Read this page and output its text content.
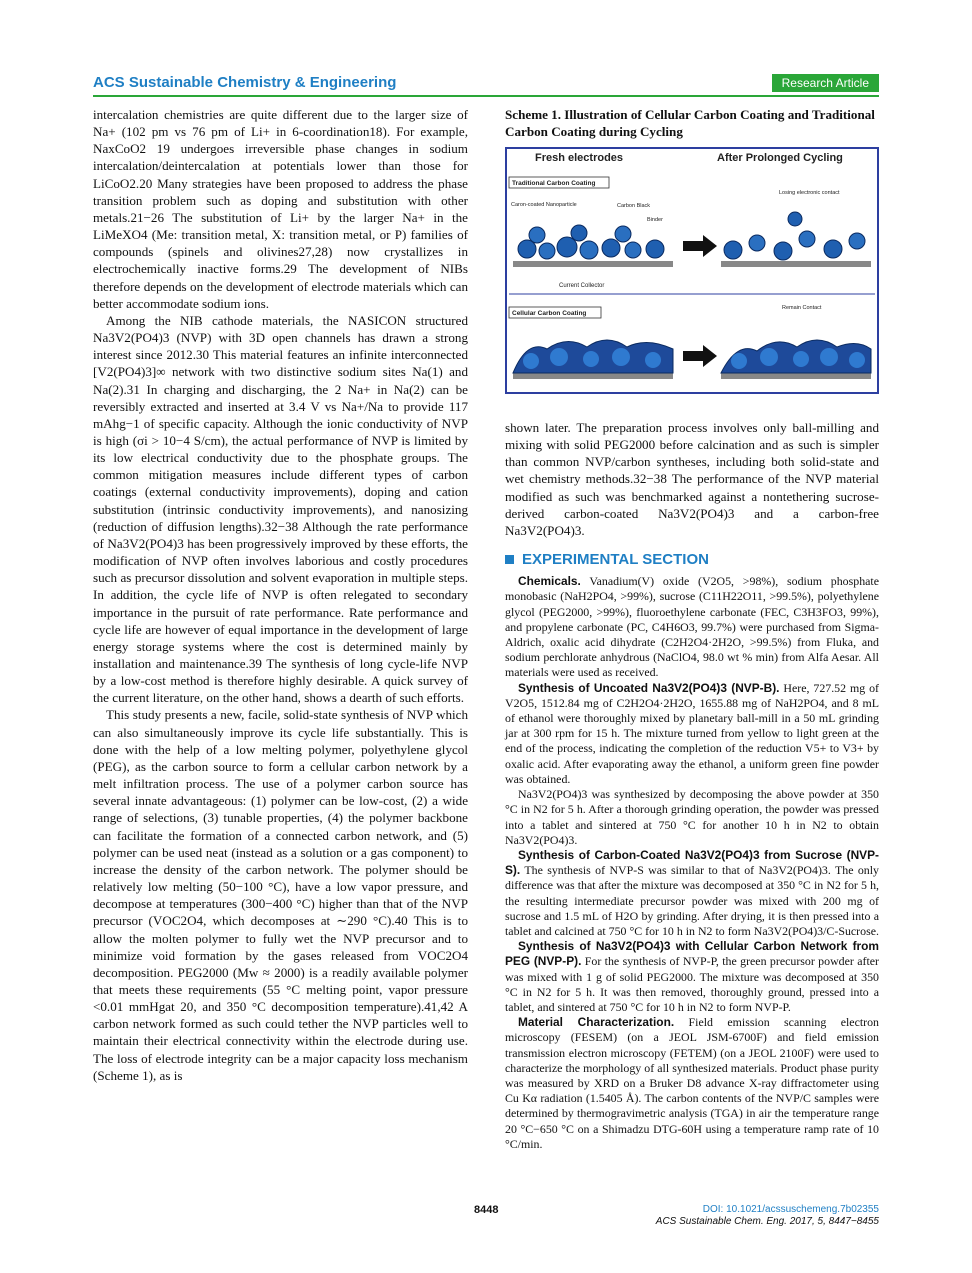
ACS Sustainable Chemistry & Engineering	Research Article

intercalation chemistries are quite different due to the larger size of Na+ (102 pm vs 76 pm of Li+ in 6-coordination18). For example, NaxCoO2 19 undergoes irreversible phase changes in sodium intercalation/deintercalation at potentials lower than those for LiCoO2.20 Many strategies have been proposed to address the phase transition problem such as doping and substitution with other metals.21−26 The substitution of Li+ by the larger Na+ in the LiMeXO4 (Me: transition metal, X: transition metal, or P) families of compounds (spinels and olivines27,28) now crystallizes in electrochemically inactive forms.29 The development of NIBs therefore depends on the development of electrode materials which can better accommodate sodium ions.

Among the NIB cathode materials, the NASICON structured Na3V2(PO4)3 (NVP) with 3D open channels has drawn a strong interest since 2012.30 This material features an infinite interconnected [V2(PO4)3]∞ network with two distinctive sodium sites Na(1) and Na(2).31 In charging and discharging, the 2 Na+ in Na(2) can be reversibly extracted and inserted at 3.4 V vs Na+/Na to provide 117 mAhg−1 of specific capacity. Although the ionic conductivity of NVP is high (σi > 10−4 S/cm), the actual performance of NVP is limited by its low electrical conductivity due to the phosphate groups. The common mitigation measures include different types of carbon coatings (external conductivity improvements), doping and cation substitution (intrinsic conductivity improvements), and nanosizing (reduction of diffusion lengths).32−38 Although the rate performance of Na3V2(PO4)3 has been progressively improved by these efforts, the modification of NVP often involves laborious and costly procedures such as precursor dissolution and solvent evaporation in multiple steps. In addition, the cycle life of NVP is often relegated to secondary importance in the pursuit of rate performance. Rate performance and cycle life are however of equal importance in the development of large energy storage systems where the cost is determined mainly by installation and maintenance.39 The synthesis of long cycle-life NVP by a low-cost method is therefore highly desirable. A quick survey of the current literature, on the other hand, shows a dearth of such efforts.

This study presents a new, facile, solid-state synthesis of NVP which can also simultaneously improve its cycle life substantially. This is done with the help of a low melting polymer, polyethylene glycol (PEG), as the carbon source to form a cellular carbon network by a melt infiltration process. The use of a polymer carbon source has several innate advantageous: (1) polymer can be low-cost, (2) a wide range of selections, (3) tunable properties, (4) the polymer backbone can facilitate the formation of a connected carbon network, and (5) polymer can be used neat (instead as a solution or a gas component) to increase the density of the carbon network. The polymer should be relatively low melting (50−100 °C), have a low vapor pressure, and decompose at temperatures (300−400 °C) higher than that of the NVP precursor (VOC2O4, which decomposes at ∼290 °C).40 This is to allow the molten polymer to fully wet the NVP precursor and to minimize void formation by the gases released from VOC2O4 decomposition. PEG2000 (Mw ≈ 2000) is a readily available polymer that meets these requirements (55 °C melting point, vapor pressure <0.01 mmHgat 20, and 350 °C decomposition temperature).41,42 A carbon network formed as such could tether the NVP particles well to maintain their electrical connectivity within the electrode during use. The loss of electrode integrity can be a major capacity loss mechanism (Scheme 1), as is

Scheme 1. Illustration of Cellular Carbon Coating and Traditional Carbon Coating during Cycling
Fresh electrodes	After Prolonged Cycling
Traditional Carbon Coating
Caron-coated Nanoparticle	Carbon Black
Binder
Losing electronic contact
Current Collector
Cellular Carbon Coating
Remain Contact

shown later. The preparation process involves only ball-milling and mixing with solid PEG2000 before calcination and as such is simpler than common NVP/carbon syntheses, including both solid-state and wet chemistry methods.32−38 The performance of the NVP material modified as such was benchmarked against a nontethering sucrose-derived carbon-coated Na3V2(PO4)3 and a carbon-free Na3V2(PO4)3.

EXPERIMENTAL SECTION

Chemicals. Vanadium(V) oxide (V2O5, >98%), sodium phosphate monobasic (NaH2PO4, >99%), sucrose (C11H22O11, >99.5%), polyethylene glycol (PEG2000, >99%), fluoroethylene carbonate (FEC, C3H3FO3, 99%), and propylene carbonate (PC, C4H6O3, 99.7%) were purchased from Sigma-Aldrich, oxalic acid dihydrate (C2H2O4·2H2O, >99.5%) from Fluka, and sodium perchlorate anhydrous (NaClO4, 98.0 wt % min) from Alfa Aesar. All materials were used as received.

Synthesis of Uncoated Na3V2(PO4)3 (NVP-B). Here, 727.52 mg of V2O5, 1512.84 mg of C2H2O4·2H2O, 1655.88 mg of NaH2PO4, and 8 mL of ethanol were thoroughly mixed by planetary ball-mill in a 50 mL grinding jar at 300 rpm for 15 h. The mixture turned from yellow to light green at the end of the process, indicating the completion of the reduction V5+ to V3+ by oxalic acid. After evaporating away the ethanol, a uniform green fine powder was obtained.

Na3V2(PO4)3 was synthesized by decomposing the above powder at 350 °C in N2 for 5 h. After a thorough grinding operation, the powder was pressed into a tablet and sintered at 750 °C for another 10 h in N2 to obtain Na3V2(PO4)3.

Synthesis of Carbon-Coated Na3V2(PO4)3 from Sucrose (NVP-S). The synthesis of NVP-S was similar to that of Na3V2(PO4)3. The only difference was that after the mixture was decomposed at 350 °C in N2 for 5 h, the resulting intermediate precursor powder was mixed with 200 mg of sucrose and 1.5 mL of H2O by grinding. After drying, it is then pressed into a tablet and calcined at 750 °C for 10 h in N2 to form Na3V2(PO4)3/C-Sucrose.

Synthesis of Na3V2(PO4)3 with Cellular Carbon Network from PEG (NVP-P). For the synthesis of NVP-P, the green precursor powder after was mixed with 1 g of solid PEG2000. The mixture was decomposed at 350 °C in N2 for 5 h. It was then removed, thoroughly ground, pressed into a tablet, and sintered at 750 °C for 10 h in N2 to form NVP-P.

Material Characterization. Field emission scanning electron microscopy (FESEM) (on a JEOL JSM-6700F) and field emission transmission electron microscopy (FETEM) (on a JEOL 2100F) were used to characterize the morphology of all synthesized materials. Product phase purity was measured by XRD on a Bruker D8 advance X-ray diffractometer using Cu Kα radiation (1.5405 Å). The carbon contents of the NVP/C samples were determined by thermogravimetric analysis (TGA) in air the temperature range 20 °C−650 °C on a Shimadzu DTG-60H using a temperature ramp rate of 10 °C/min.

8448	DOI: 10.1021/acssuschemeng.7b02355
ACS Sustainable Chem. Eng. 2017, 5, 8447−8455
